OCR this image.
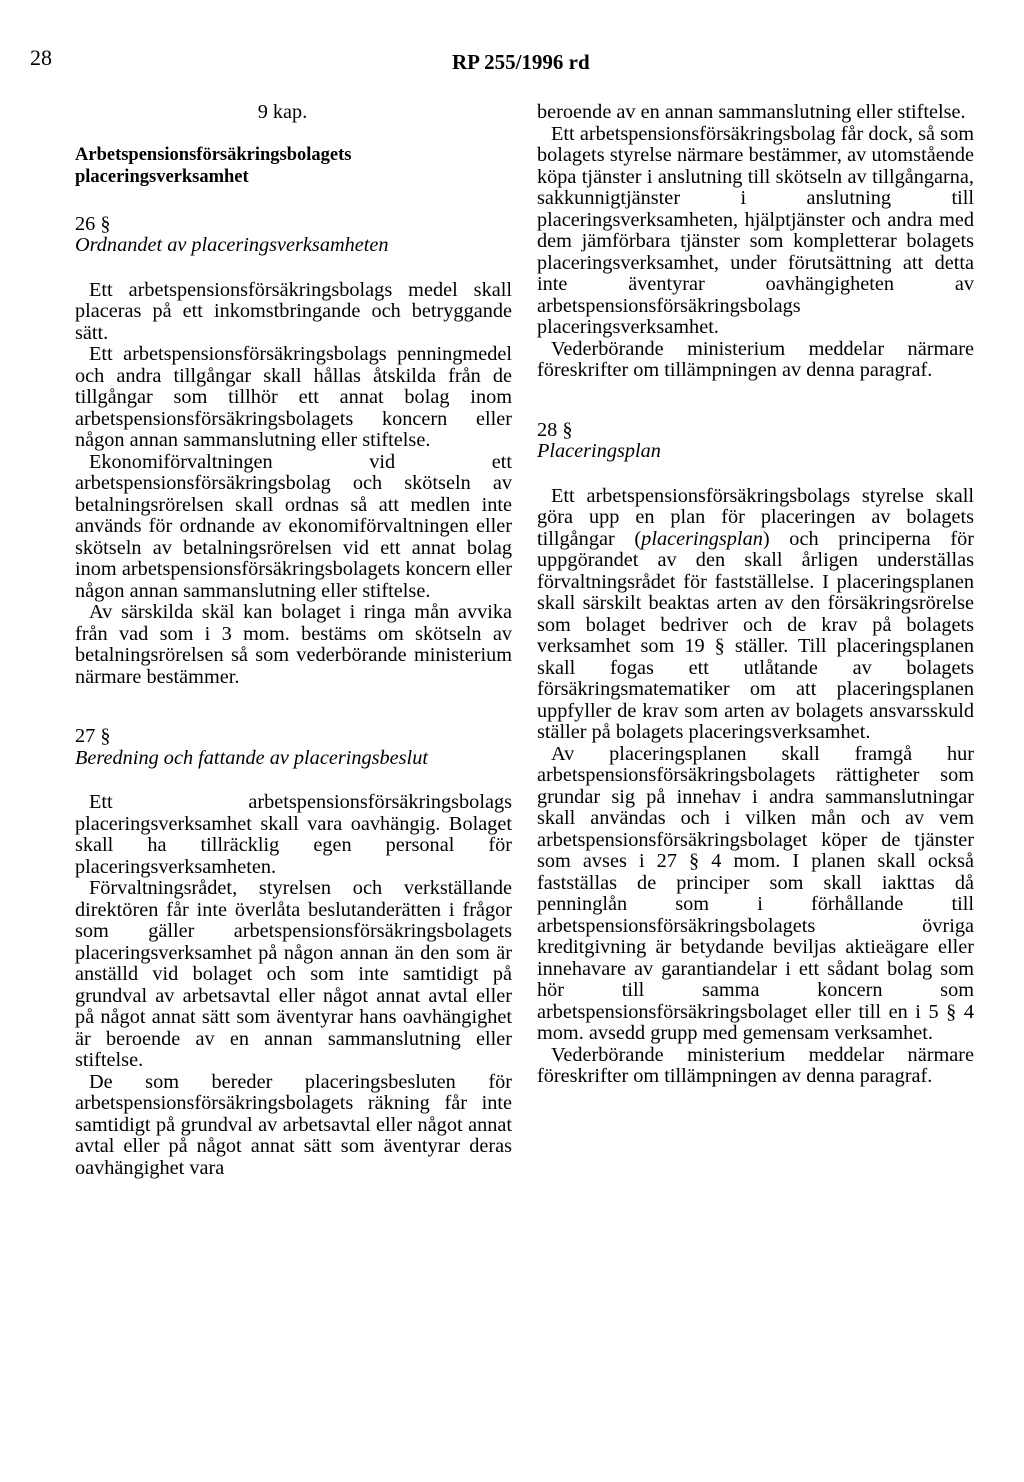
28	RP 255/1996 rd

9 kap.

Arbetspensionsförsäkringsbolagets
placeringsverksamhet

26 §

Ordnandet av placeringsverksamheten

Ett arbetspensionsförsäkringsbolags medel skall placeras på ett inkomstbringande och betryggande sätt.

Ett arbetspensionsförsäkringsbolags penningmedel och andra tillgångar skall hållas åtskilda från de tillgångar som tillhör ett annat bolag inom arbetspensionsförsäkringsbolagets koncern eller någon annan sammanslutning eller stiftelse.

Ekonomiförvaltningen vid ett arbetspensionsförsäkringsbolag och skötseln av betalningsrörelsen skall ordnas så att medlen inte används för ordnande av ekonomiförvaltningen eller skötseln av betalningsrörelsen vid ett annat bolag inom arbetspensionsförsäkringsbolagets koncern eller någon annan sammanslutning eller stiftelse.

Av särskilda skäl kan bolaget i ringa mån avvika från vad som i 3 mom. bestäms om skötseln av betalningsrörelsen så som vederbörande ministerium närmare bestämmer.

27 §

Beredning och fattande av placeringsbeslut

Ett arbetspensionsförsäkringsbolags placeringsverksamhet skall vara oavhängig. Bolaget skall ha tillräcklig egen personal för placeringsverksamheten.

Förvaltningsrådet, styrelsen och verkställande direktören får inte överlåta beslutanderätten i frågor som gäller arbetspensionsförsäkringsbolagets placeringsverksamhet på någon annan än den som är anställd vid bolaget och som inte samtidigt på grundval av arbetsavtal eller något annat avtal eller på något annat sätt som äventyrar hans oavhängighet är beroende av en annan sammanslutning eller stiftelse.

De som bereder placeringsbesluten för arbetspensionsförsäkringsbolagets räkning får inte samtidigt på grundval av arbetsavtal eller något annat avtal eller på något annat sätt som äventyrar deras oavhängighet vara

beroende av en annan sammanslutning eller stiftelse.

Ett arbetspensionsförsäkringsbolag får dock, så som bolagets styrelse närmare bestämmer, av utomstående köpa tjänster i anslutning till skötseln av tillgångarna, sakkunnigtjänster i anslutning till placeringsverksamheten, hjälptjänster och andra med dem jämförbara tjänster som kompletterar bolagets placeringsverksamhet, under förutsättning att detta inte äventyrar oavhängigheten av arbetspensionsförsäkringsbolags placeringsverksamhet.

Vederbörande ministerium meddelar närmare föreskrifter om tillämpningen av denna paragraf.

28 §

Placeringsplan

Ett arbetspensionsförsäkringsbolags styrelse skall göra upp en plan för placeringen av bolagets tillgångar (placeringsplan) och principerna för uppgörandet av den skall årligen underställas förvaltningsrådet för fastställelse. I placeringsplanen skall särskilt beaktas arten av den försäkringsrörelse som bolaget bedriver och de krav på bolagets verksamhet som 19 § ställer. Till placeringsplanen skall fogas ett utlåtande av bolagets försäkringsmatematiker om att placeringsplanen uppfyller de krav som arten av bolagets ansvarsskuld ställer på bolagets placeringsverksamhet.

Av placeringsplanen skall framgå hur arbetspensionsförsäkringsbolagets rättigheter som grundar sig på innehav i andra sammanslutningar skall användas och i vilken mån och av vem arbetspensionsförsäkringsbolaget köper de tjänster som avses i 27 § 4 mom. I planen skall också fastställas de principer som skall iakttas då penninglån som i förhållande till arbetspensionsförsäkringsbolagets övriga kreditgivning är betydande beviljas aktieägare eller innehavare av garantiandelar i ett sådant bolag som hör till samma koncern som arbetspensionsförsäkringsbolaget eller till en i 5 § 4 mom. avsedd grupp med gemensam verksamhet.

Vederbörande ministerium meddelar närmare föreskrifter om tillämpningen av denna paragraf.
